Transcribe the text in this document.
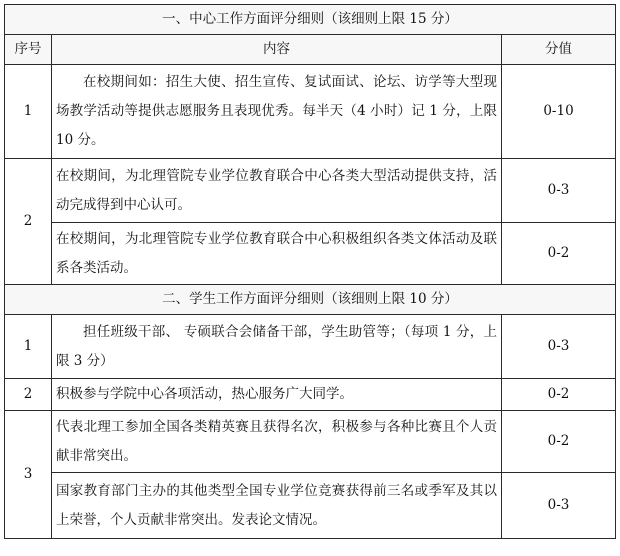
一、中心工作方面评分细则（该细则上限 15 分）		
序号	内容	分值
1	在校期间如：招生大使、招生宣传、复试面试、论坛、访学等大型现场教学活动等提供志愿服务且表现优秀。每半天（4 小时）记 1 分，上限 10 分。	0-10
2	在校期间，为北理管院专业学位教育联合中心各类大型活动提供支持，活动完成得到中心认可。	0-3
	在校期间，为北理管院专业学位教育联合中心积极组织各类文体活动及联系各类活动。	0-2
二、学生工作方面评分细则（该细则上限 10 分）		
1	担任班级干部、 专硕联合会储备干部，学生助管等；（每项 1 分，上限 3 分）	0-3
2	积极参与学院中心各项活动，热心服务广大同学。	0-2
3	代表北理工参加全国各类精英赛且获得名次，积极参与各种比赛且个人贡献非常突出。	0-2
	国家教育部门主办的其他类型全国专业学位竞赛获得前三名或季军及其以上荣誉，个人贡献非常突出。发表论文情况。	0-3
